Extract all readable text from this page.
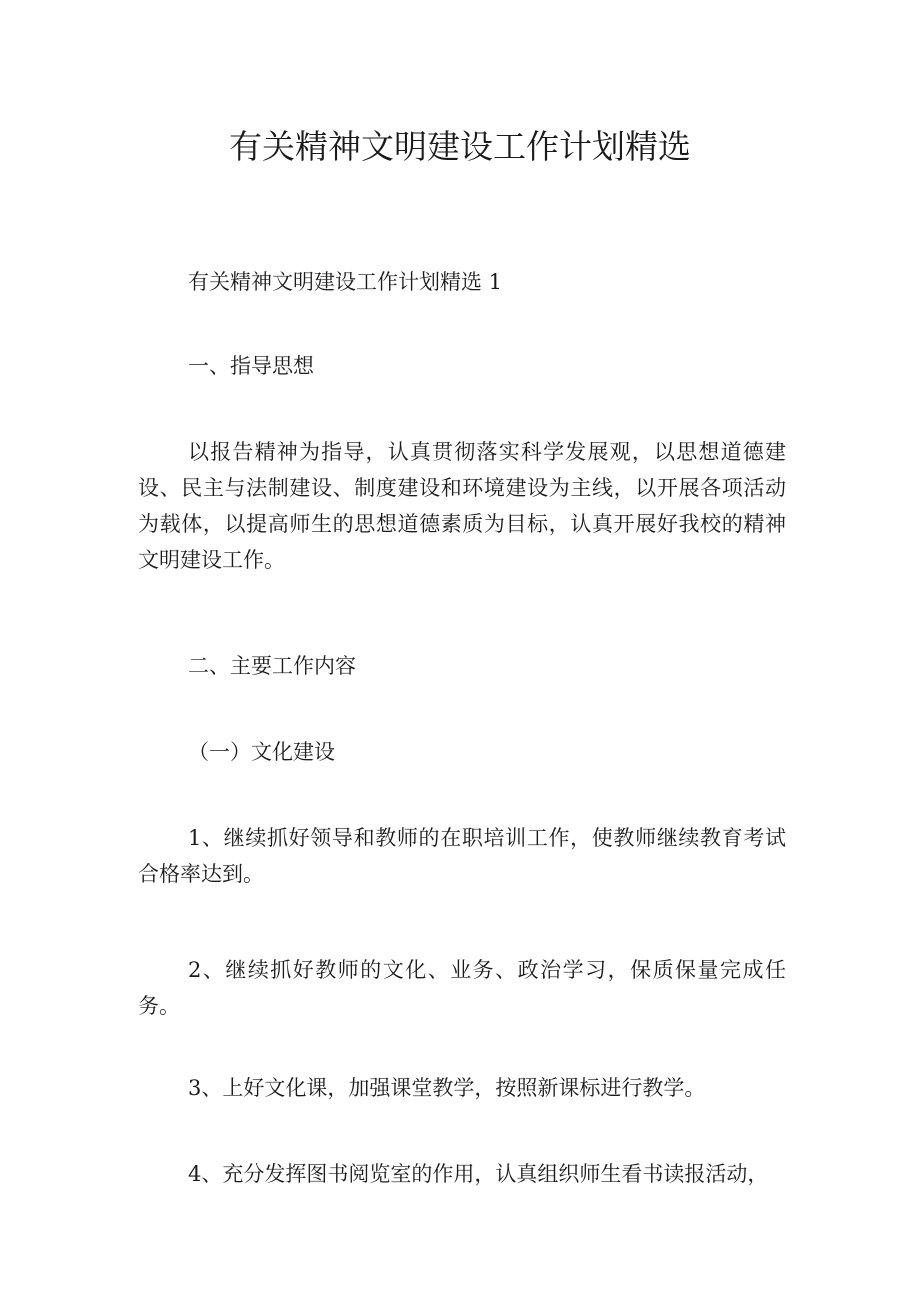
有关精神文明建设工作计划精选

有关精神文明建设工作计划精选 1

一、指导思想

以报告精神为指导，认真贯彻落实科学发展观，以思想道德建设、民主与法制建设、制度建设和环境建设为主线，以开展各项活动为载体，以提高师生的思想道德素质为目标，认真开展好我校的精神文明建设工作。

二、主要工作内容

（一）文化建设

1、继续抓好领导和教师的在职培训工作，使教师继续教育考试合格率达到。

2、继续抓好教师的文化、业务、政治学习，保质保量完成任务。

3、上好文化课，加强课堂教学，按照新课标进行教学。

4、充分发挥图书阅览室的作用，认真组织师生看书读报活动，
